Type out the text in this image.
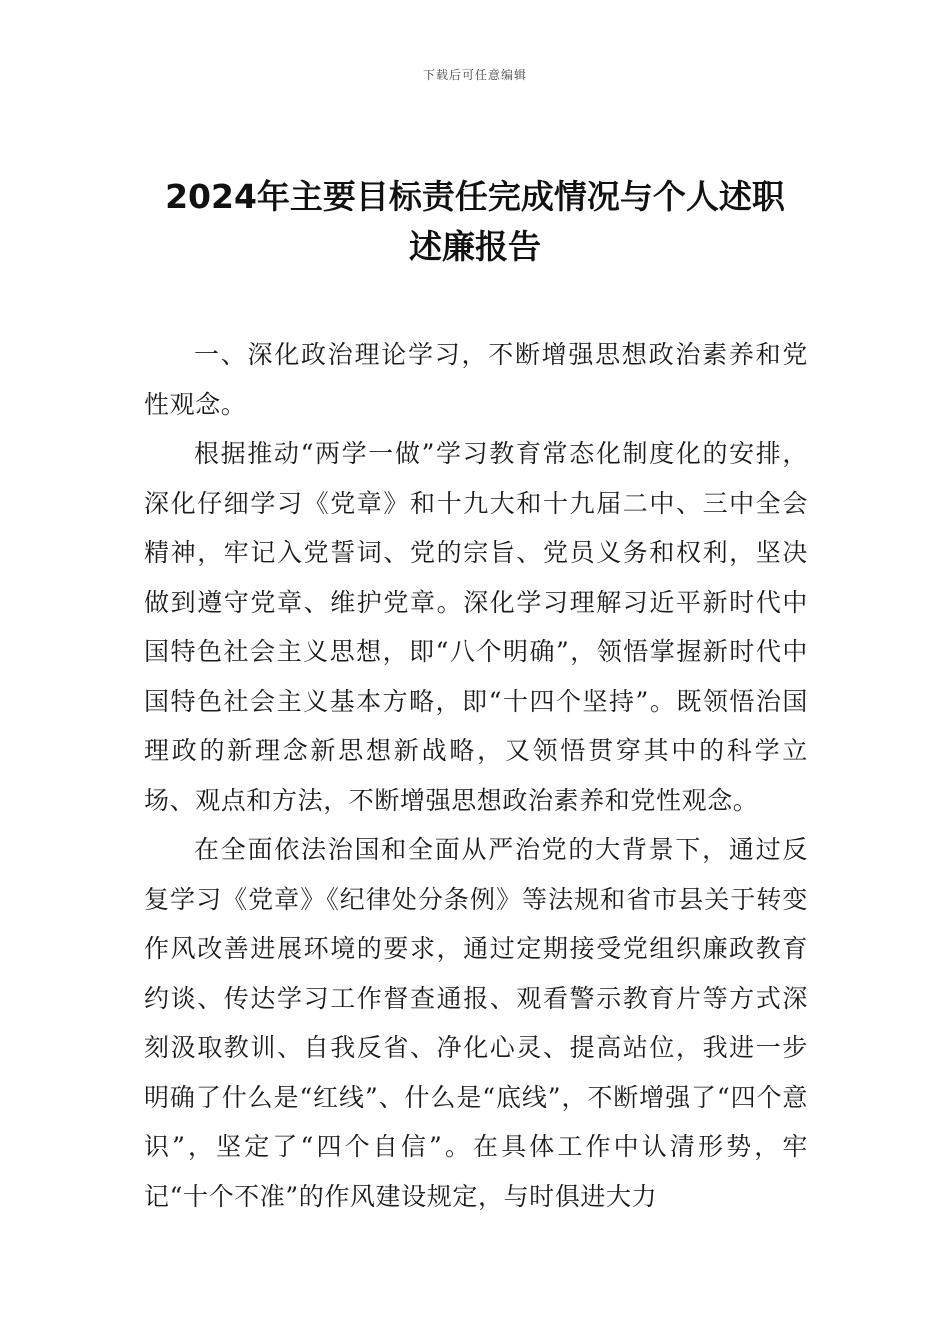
下载后可任意编辑
2024年主要目标责任完成情况与个人述职
述廉报告

一、深化政治理论学习，不断增强思想政治素养和党性观念。

根据推动“两学一做”学习教育常态化制度化的安排，深化仔细学习《党章》和十九大和十九届二中、三中全会精神，牢记入党誓词、党的宗旨、党员义务和权利，坚决做到遵守党章、维护党章。深化学习理解习近平新时代中国特色社会主义思想，即“八个明确”，领悟掌握新时代中国特色社会主义基本方略，即“十四个坚持”。既领悟治国理政的新理念新思想新战略，又领悟贯穿其中的科学立场、观点和方法，不断增强思想政治素养和党性观念。

在全面依法治国和全面从严治党的大背景下，通过反复学习《党章》《纪律处分条例》等法规和省市县关于转变作风改善进展环境的要求，通过定期接受党组织廉政教育约谈、传达学习工作督查通报、观看警示教育片等方式深刻汲取教训、自我反省、净化心灵、提高站位，我进一步明确了什么是“红线”、什么是“底线”，不断增强了“四个意识”，坚定了“四个自信”。在具体工作中认清形势，牢记“十个不准”的作风建设规定，与时俱进大力
